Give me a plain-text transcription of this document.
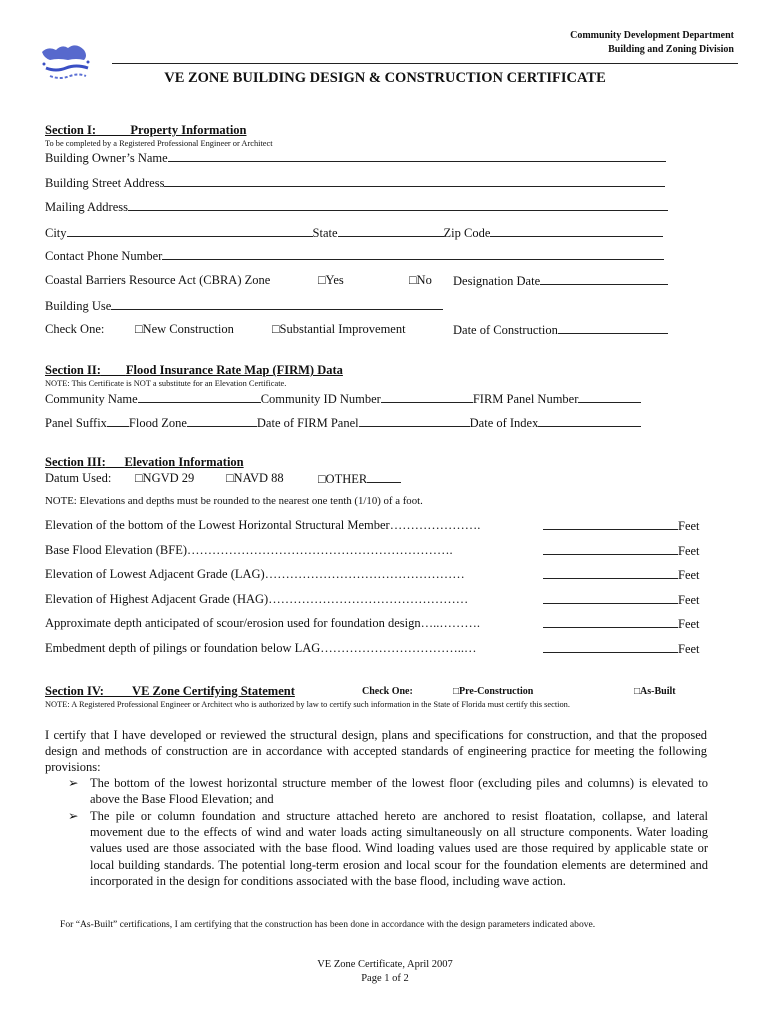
Community Development Department
Building and Zoning Division
VE ZONE BUILDING DESIGN & CONSTRUCTION CERTIFICATE
Section I:	Property Information
To be completed by a Registered Professional Engineer or Architect
Building Owner’s Name
Building Street Address
Mailing Address
City	State	Zip Code
Contact Phone Number
Coastal Barriers Resource Act (CBRA) Zone	□Yes	□No Designation Date
Building Use
Check One: □New Construction	□Substantial Improvement	Date of Construction
Section II: Flood Insurance Rate Map (FIRM) Data
NOTE: This Certificate is NOT a substitute for an Elevation Certificate.
Community Name	Community ID Number	FIRM Panel Number
Panel Suffix Flood Zone	Date of FIRM Panel	Date of Index
Section III: Elevation Information
Datum Used: □NGVD 29	□NAVD 88	□OTHER
NOTE: Elevations and depths must be rounded to the nearest one tenth (1/10) of a foot.
Elevation of the bottom of the Lowest Horizontal Structural Member………………….	Feet
Base Flood Elevation (BFE)……………………………………………………….	Feet
Elevation of Lowest Adjacent Grade (LAG)…………………………………………	Feet
Elevation of Highest Adjacent Grade (HAG)…………………………………………	Feet
Approximate depth anticipated of scour/erosion used for foundation design…..……….	Feet
Embedment depth of pilings or foundation below LAG……………………………..…	Feet
Section IV: VE Zone Certifying Statement	Check One:	□Pre-Construction	□As-Built
NOTE: A Registered Professional Engineer or Architect who is authorized by law to certify such information in the State of Florida must certify this section.
I certify that I have developed or reviewed the structural design, plans and specifications for construction, and that the proposed design and methods of construction are in accordance with accepted standards of engineering practice for meeting the following provisions:
➢ The bottom of the lowest horizontal structure member of the lowest floor (excluding piles and columns) is elevated to above the Base Flood Elevation; and
➢ The pile or column foundation and structure attached hereto are anchored to resist floatation, collapse, and lateral movement due to the effects of wind and water loads acting simultaneously on all structure components. Water loading values used are those associated with the base flood. Wind loading values used are those required by applicable state or local building standards. The potential long-term erosion and local scour for the foundation elements are determined and incorporated in the design for conditions associated with the base flood, including wave action.
For “As-Built” certifications, I am certifying that the construction has been done in accordance with the design parameters indicated above.
VE Zone Certificate, April 2007
Page 1 of 2
